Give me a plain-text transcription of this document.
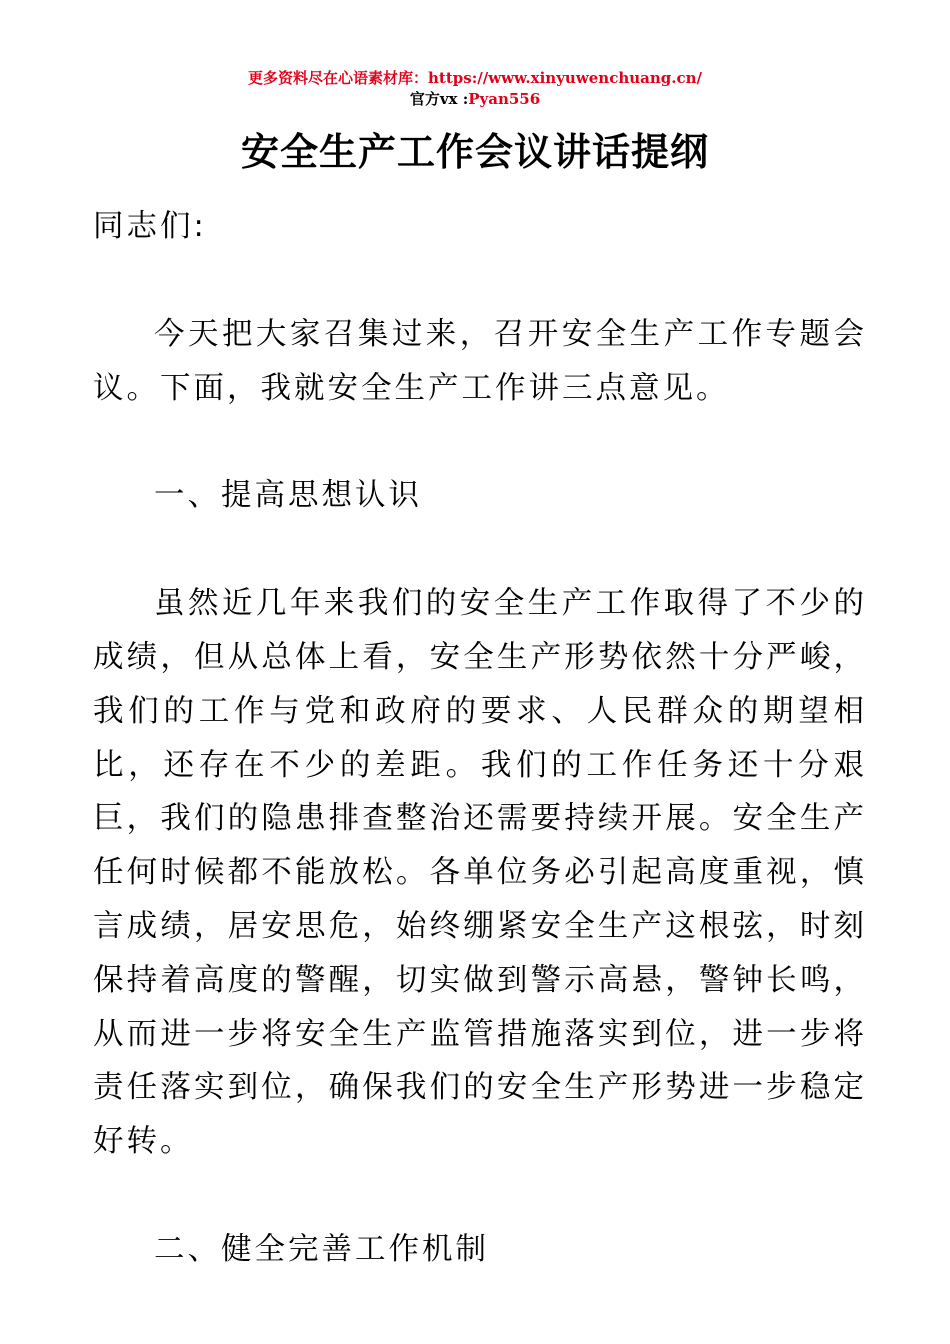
更多资料尽在心语素材库：https://www.xinyuwenchuang.cn/
官方vx :Pyan556
安全生产工作会议讲话提纲

同志们:

今天把大家召集过来，召开安全生产工作专题会议。下面，我就安全生产工作讲三点意见。

一、提高思想认识

虽然近几年来我们的安全生产工作取得了不少的成绩，但从总体上看，安全生产形势依然十分严峻，我们的工作与党和政府的要求、人民群众的期望相比，还存在不少的差距。我们的工作任务还十分艰巨，我们的隐患排查整治还需要持续开展。安全生产任何时候都不能放松。各单位务必引起高度重视，慎言成绩，居安思危，始终绷紧安全生产这根弦，时刻保持着高度的警醒，切实做到警示高悬，警钟长鸣，从而进一步将安全生产监管措施落实到位，进一步将责任落实到位，确保我们的安全生产形势进一步稳定好转。

二、健全完善工作机制
